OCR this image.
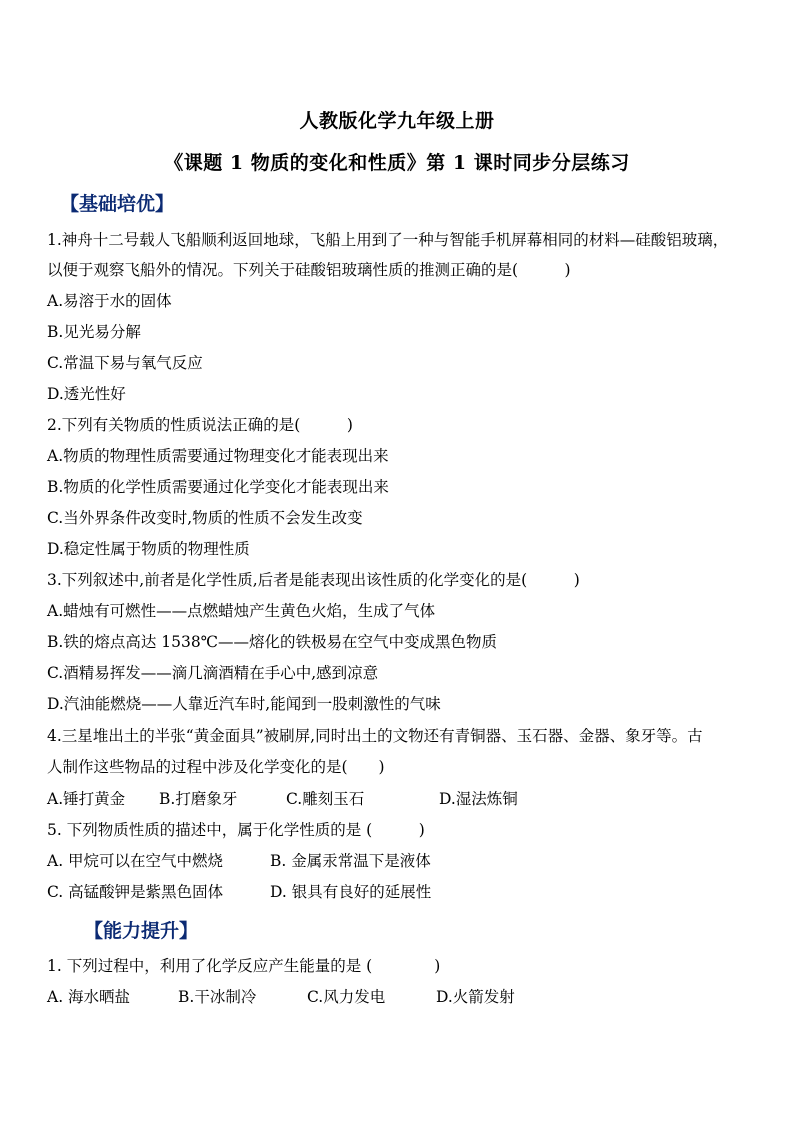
人教版化学九年级上册
《课题 1 物质的变化和性质》第 1 课时同步分层练习
【基础培优】
1.神舟十二号载人飞船顺利返回地球，飞船上用到了一种与智能手机屏幕相同的材料—硅酸铝玻璃，
以便于观察飞船外的情况。下列关于硅酸铝玻璃性质的推测正确的是(　　　)
A.易溶于水的固体
B.见光易分解
C.常温下易与氧气反应
D.透光性好
2.下列有关物质的性质说法正确的是(　　　)
A.物质的物理性质需要通过物理变化才能表现出来
B.物质的化学性质需要通过化学变化才能表现出来
C.当外界条件改变时,物质的性质不会发生改变
D.稳定性属于物质的物理性质
3.下列叙述中,前者是化学性质,后者是能表现出该性质的化学变化的是(　　　)
A.蜡烛有可燃性——点燃蜡烛产生黄色火焰，生成了气体
B.铁的熔点高达 1538℃——熔化的铁极易在空气中变成黑色物质
C.酒精易挥发——滴几滴酒精在手心中,感到凉意
D.汽油能燃烧——人靠近汽车时,能闻到一股刺激性的气味
4.三星堆出土的半张“黄金面具”被刷屏,同时出土的文物还有青铜器、玉石器、金器、象牙等。古
人制作这些物品的过程中涉及化学变化的是(　　)
A.锤打黄金 B.打磨象牙	C.雕刻玉石	D.湿法炼铜
5. 下列物质性质的描述中，属于化学性质的是 (　　　)
A. 甲烷可以在空气中燃烧	B. 金属汞常温下是液体
C. 高锰酸钾是紫黑色固体	D. 银具有良好的延展性
【能力提升】
1. 下列过程中，利用了化学反应产生能量的是 (　　　　)
A. 海水晒盐	B.干冰制冷	C.风力发电	D.火箭发射
